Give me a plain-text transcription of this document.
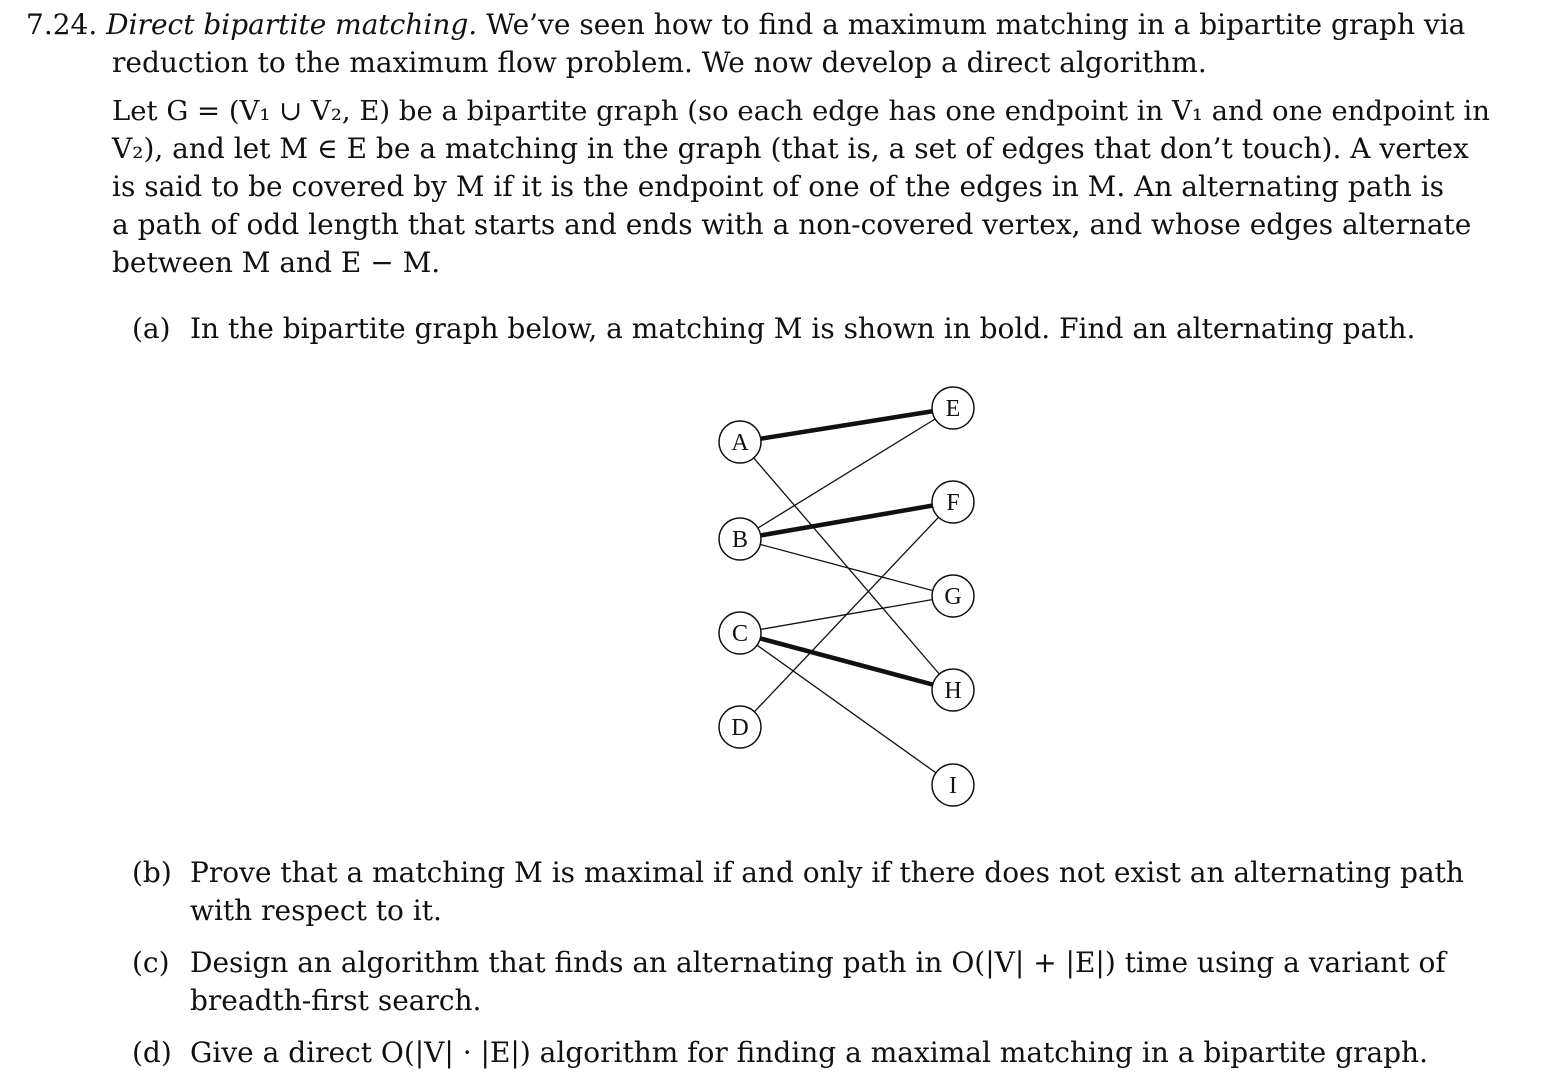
7.24. Direct bipartite matching. We’ve seen how to find a maximum matching in a bipartite graph via
reduction to the maximum flow problem. We now develop a direct algorithm.
Let G = (V₁ ∪ V₂, E) be a bipartite graph (so each edge has one endpoint in V₁ and one endpoint in
V₂), and let M ∈ E be a matching in the graph (that is, a set of edges that don’t touch). A vertex
is said to be covered by M if it is the endpoint of one of the edges in M. An alternating path is
a path of odd length that starts and ends with a non-covered vertex, and whose edges alternate
between M and E − M.
(a) In the bipartite graph below, a matching M is shown in bold. Find an alternating path.
A
B
C
D
E
F
G
H
I
(b) Prove that a matching M is maximal if and only if there does not exist an alternating path
with respect to it.
(c) Design an algorithm that finds an alternating path in O(|V| + |E|) time using a variant of
breadth-first search.
(d) Give a direct O(|V| · |E|) algorithm for finding a maximal matching in a bipartite graph.
